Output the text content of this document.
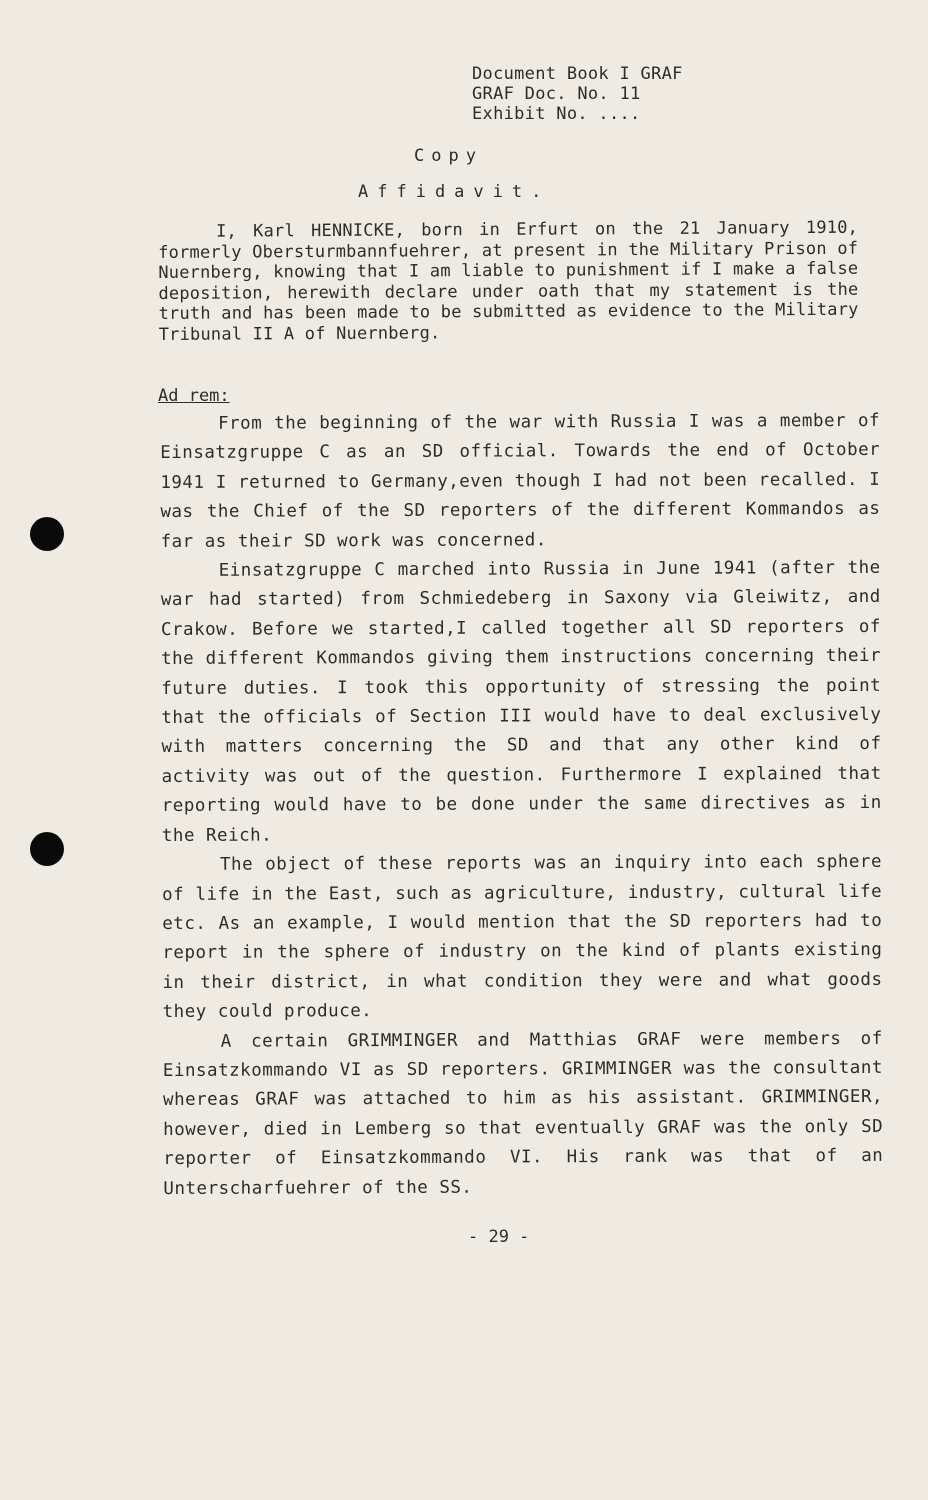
Document Book I GRAF
GRAF Doc. No. 11
Exhibit No. ....
Copy
Affidavit.

I, Karl HENNICKE, born in Erfurt on the 21 January 1910, formerly Obersturmbannfuehrer, at present in the Military Prison of Nuernberg, knowing that I am liable to punishment if I make a false deposition, herewith declare under oath that my statement is the truth and has been made to be submitted as evidence to the Military Tribunal II A of Nuernberg.

Ad rem:

From the beginning of the war with Russia I was a member of Einsatzgruppe C as an SD official. Towards the end of October 1941 I returned to Germany,even though I had not been recalled. I was the Chief of the SD reporters of the different Kommandos as far as their SD work was concerned.

Einsatzgruppe C marched into Russia in June 1941 (after the war had started) from Schmiedeberg in Saxony via Gleiwitz, and Crakow. Before we started,I called together all SD reporters of the different Kommandos giving them instructions concerning their future duties. I took this opportunity of stressing the point that the officials of Section III would have to deal exclusively with matters concerning the SD and that any other kind of activity was out of the question. Furthermore I explained that reporting would have to be done under the same directives as in the Reich.

The object of these reports was an inquiry into each sphere of life in the East, such as agriculture, industry, cultural life etc. As an example, I would mention that the SD reporters had to report in the sphere of industry on the kind of plants existing in their district, in what condition they were and what goods they could produce.

A certain GRIMMINGER and Matthias GRAF were members of Einsatzkommando VI as SD reporters. GRIMMINGER was the consultant whereas GRAF was attached to him as his assistant. GRIMMINGER, however, died in Lemberg so that eventually GRAF was the only SD reporter of Einsatzkommando VI. His rank was that of an Unterscharfuehrer of the SS.

- 29 -
